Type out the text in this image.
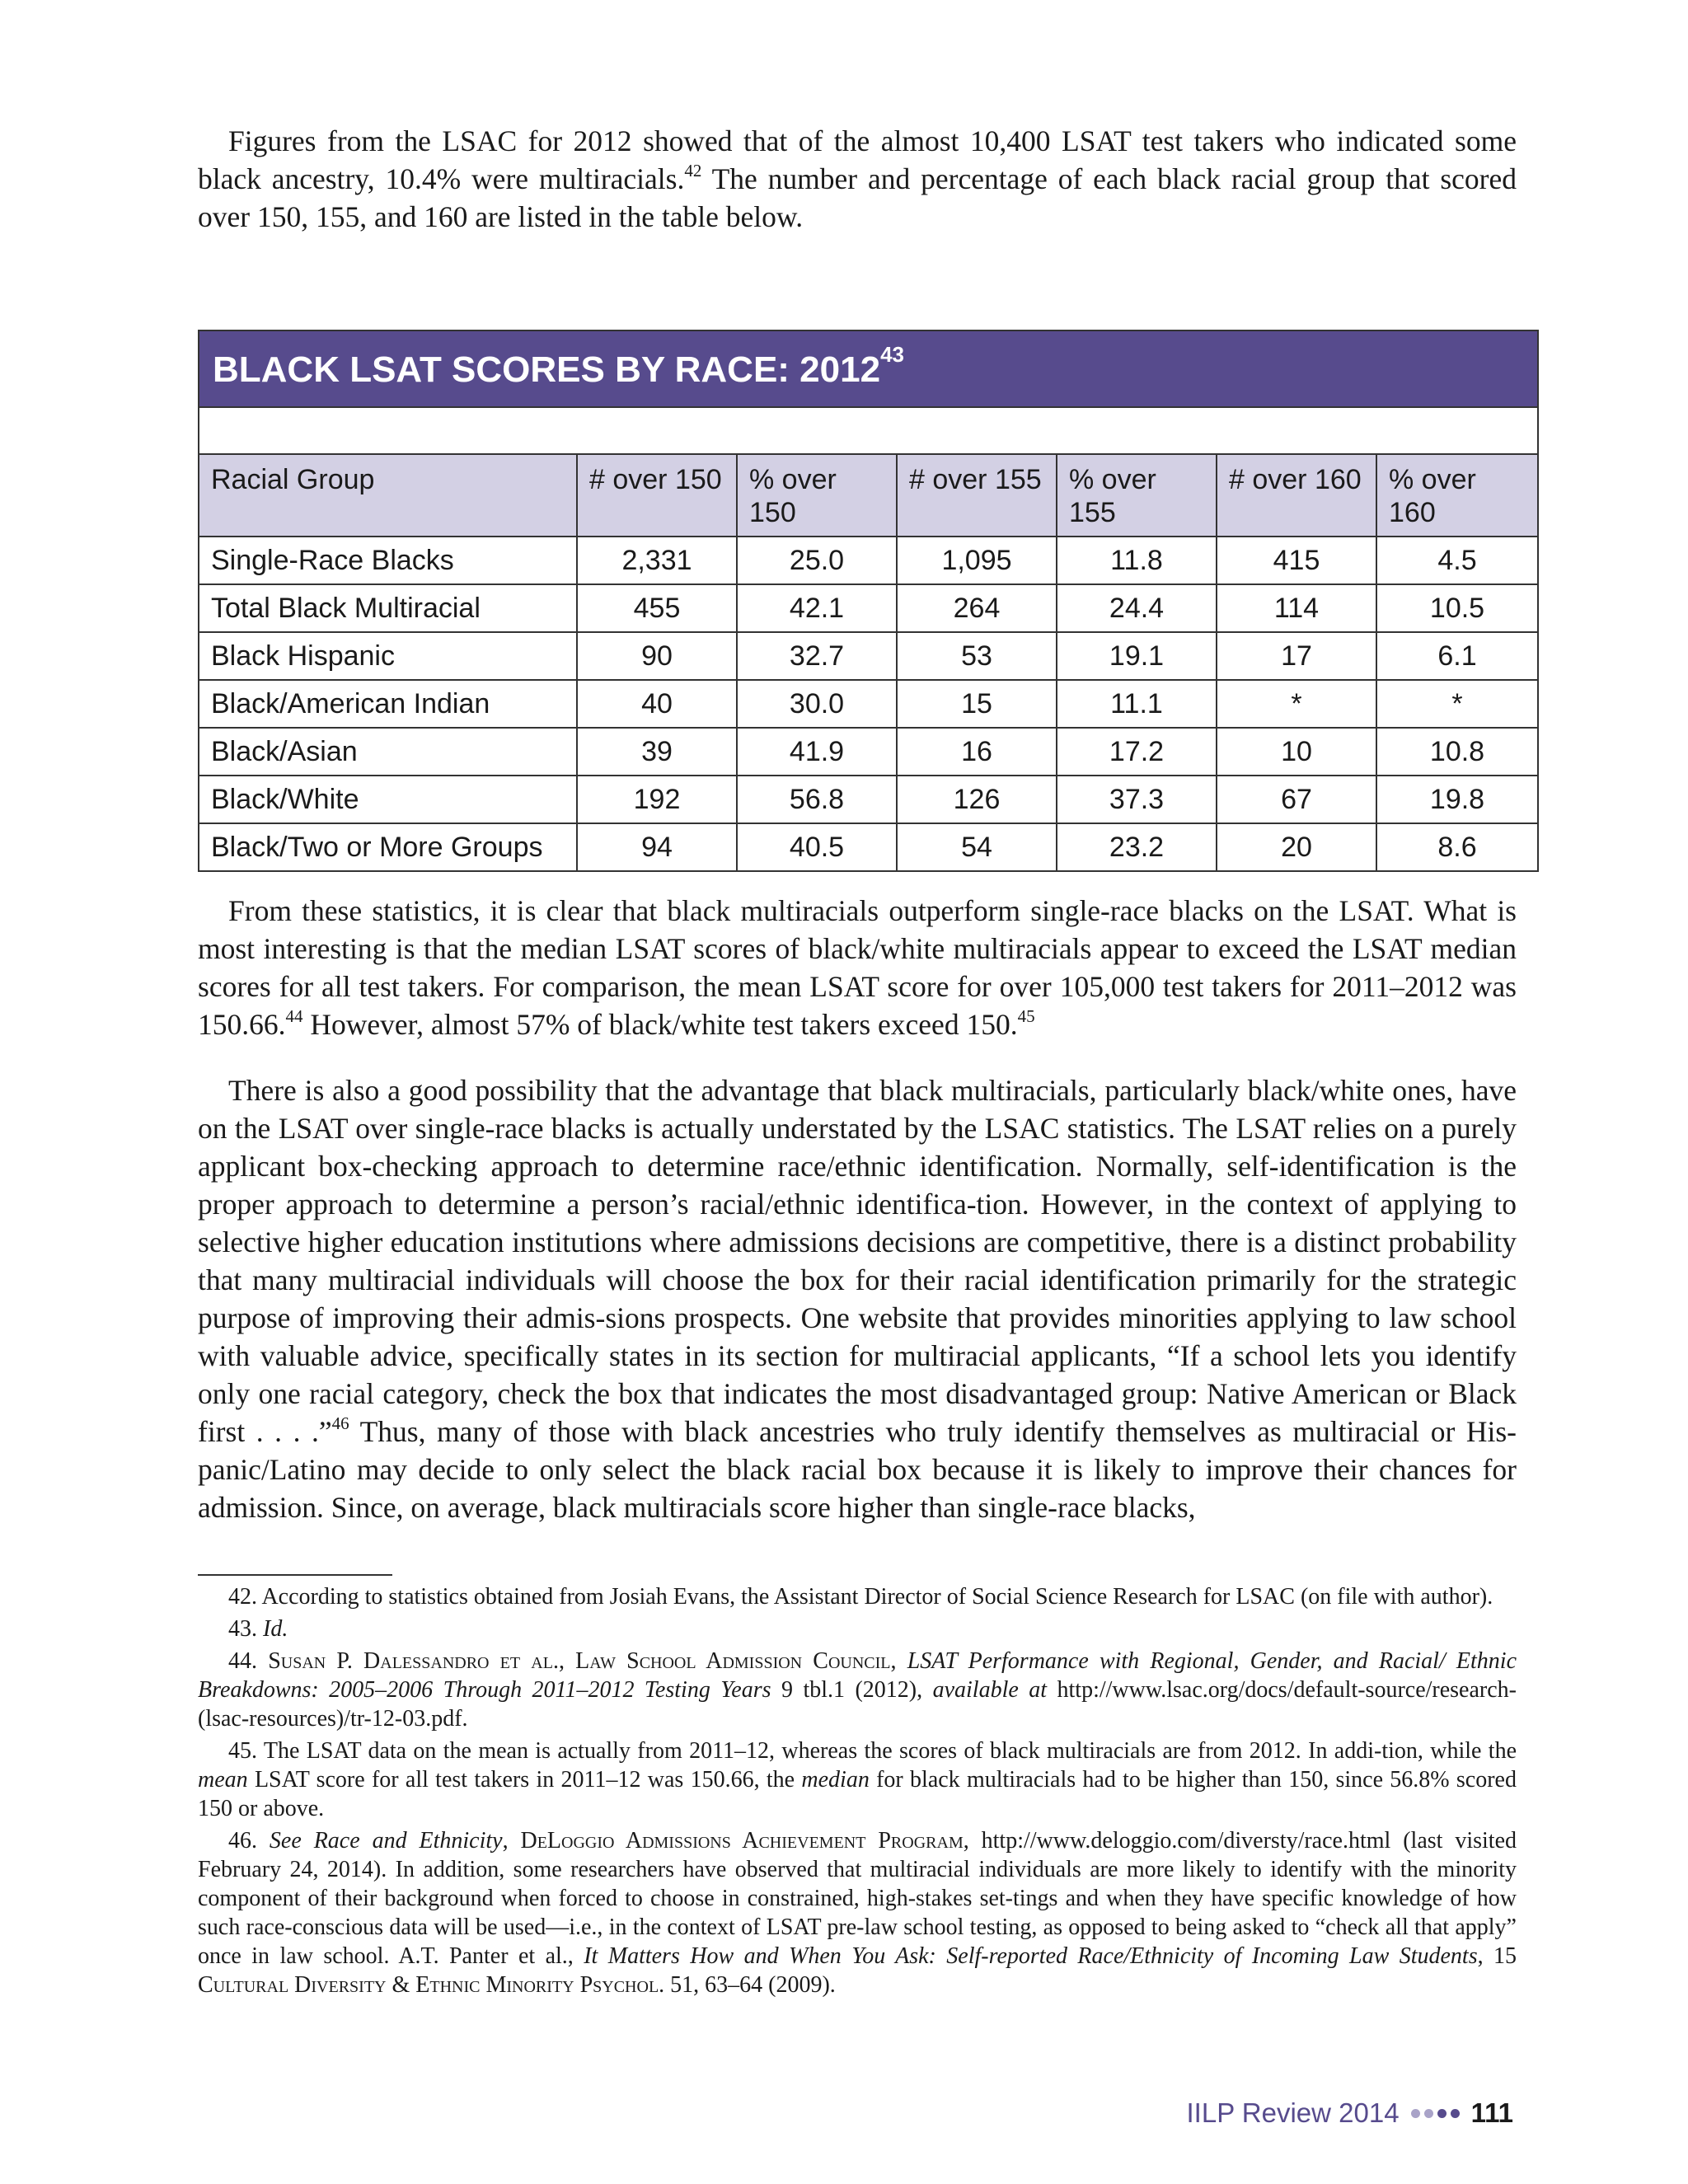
Figures from the LSAC for 2012 showed that of the almost 10,400 LSAT test takers who indicated some black ancestry, 10.4% were multiracials.$^{42}$ The number and percentage of each black racial group that scored over 150, 155, and 160 are listed in the table below.

BLACK LSAT SCORES BY RACE: 2012$^{43}$
Racial Group	# over 150	% over 150	# over 155	% over 155	# over 160	% over 160
Single-Race Blacks	2,331	25.0	1,095	11.8	415	4.5
Total Black Multiracial	455	42.1	264	24.4	114	10.5
Black Hispanic	90	32.7	53	19.1	17	6.1
Black/American Indian	40	30.0	15	11.1	*	*
Black/Asian	39	41.9	16	17.2	10	10.8
Black/White	192	56.8	126	37.3	67	19.8
Black/Two or More Groups	94	40.5	54	23.2	20	8.6

From these statistics, it is clear that black multiracials outperform single-race blacks on the LSAT. What is most interesting is that the median LSAT scores of black/white multiracials appear to exceed the LSAT median scores for all test takers. For comparison, the mean LSAT score for over 105,000 test takers for 2011–2012 was 150.66.44 However, almost 57% of black/white test takers exceed 150.45

There is also a good possibility that the advantage that black multiracials, particularly black/white ones, have on the LSAT over single-race blacks is actually understated by the LSAC statistics. The LSAT relies on a purely applicant box-checking approach to determine race/ethnic identification. Normally, self-identification is the proper approach to determine a person’s racial/ethnic identifica-tion. However, in the context of applying to selective higher education institutions where admissions decisions are competitive, there is a distinct probability that many multiracial individuals will choose the box for their racial identification primarily for the strategic purpose of improving their admis-sions prospects. One website that provides minorities applying to law school with valuable advice, specifically states in its section for multiracial applicants, “If a school lets you identify only one racial category, check the box that indicates the most disadvantaged group: Native American or Black first . . . .”$^{46}$ Thus, many of those with black ancestries who truly identify themselves as multiracial or His-panic/Latino may decide to only select the black racial box because it is likely to improve their chances for admission. Since, on average, black multiracials score higher than single-race blacks,

42. According to statistics obtained from Josiah Evans, the Assistant Director of Social Science Research for LSAC (on file with author).

43. Id.

44. Susan P. Dalessandro et al., Law School Admission Council, LSAT Performance with Regional, Gender, and Racial/ Ethnic Breakdowns: 2005–2006 Through 2011–2012 Testing Years 9 tbl.1 (2012), available at http://www.lsac.org/docs/default-source/research-(lsac-resources)/tr-12-03.pdf.

45. The LSAT data on the mean is actually from 2011–12, whereas the scores of black multiracials are from 2012. In addi-tion, while the mean LSAT score for all test takers in 2011–12 was 150.66, the median for black multiracials had to be higher than 150, since 56.8% scored 150 or above.

46. See Race and Ethnicity, DeLoggio Admissions Achievement Program, http://www.deloggio.com/diversty/race.html (last visited February 24, 2014). In addition, some researchers have observed that multiracial individuals are more likely to identify with the minority component of their background when forced to choose in constrained, high-stakes set-tings and when they have specific knowledge of how such race-conscious data will be used—i.e., in the context of LSAT pre-law school testing, as opposed to being asked to “check all that apply” once in law school. A.T. Panter et al., It Matters How and When You Ask: Self-reported Race/Ethnicity of Incoming Law Students, 15 Cultural Diversity & Ethnic Minority Psychol. 51, 63–64 (2009).

IILP Review 2014	111
